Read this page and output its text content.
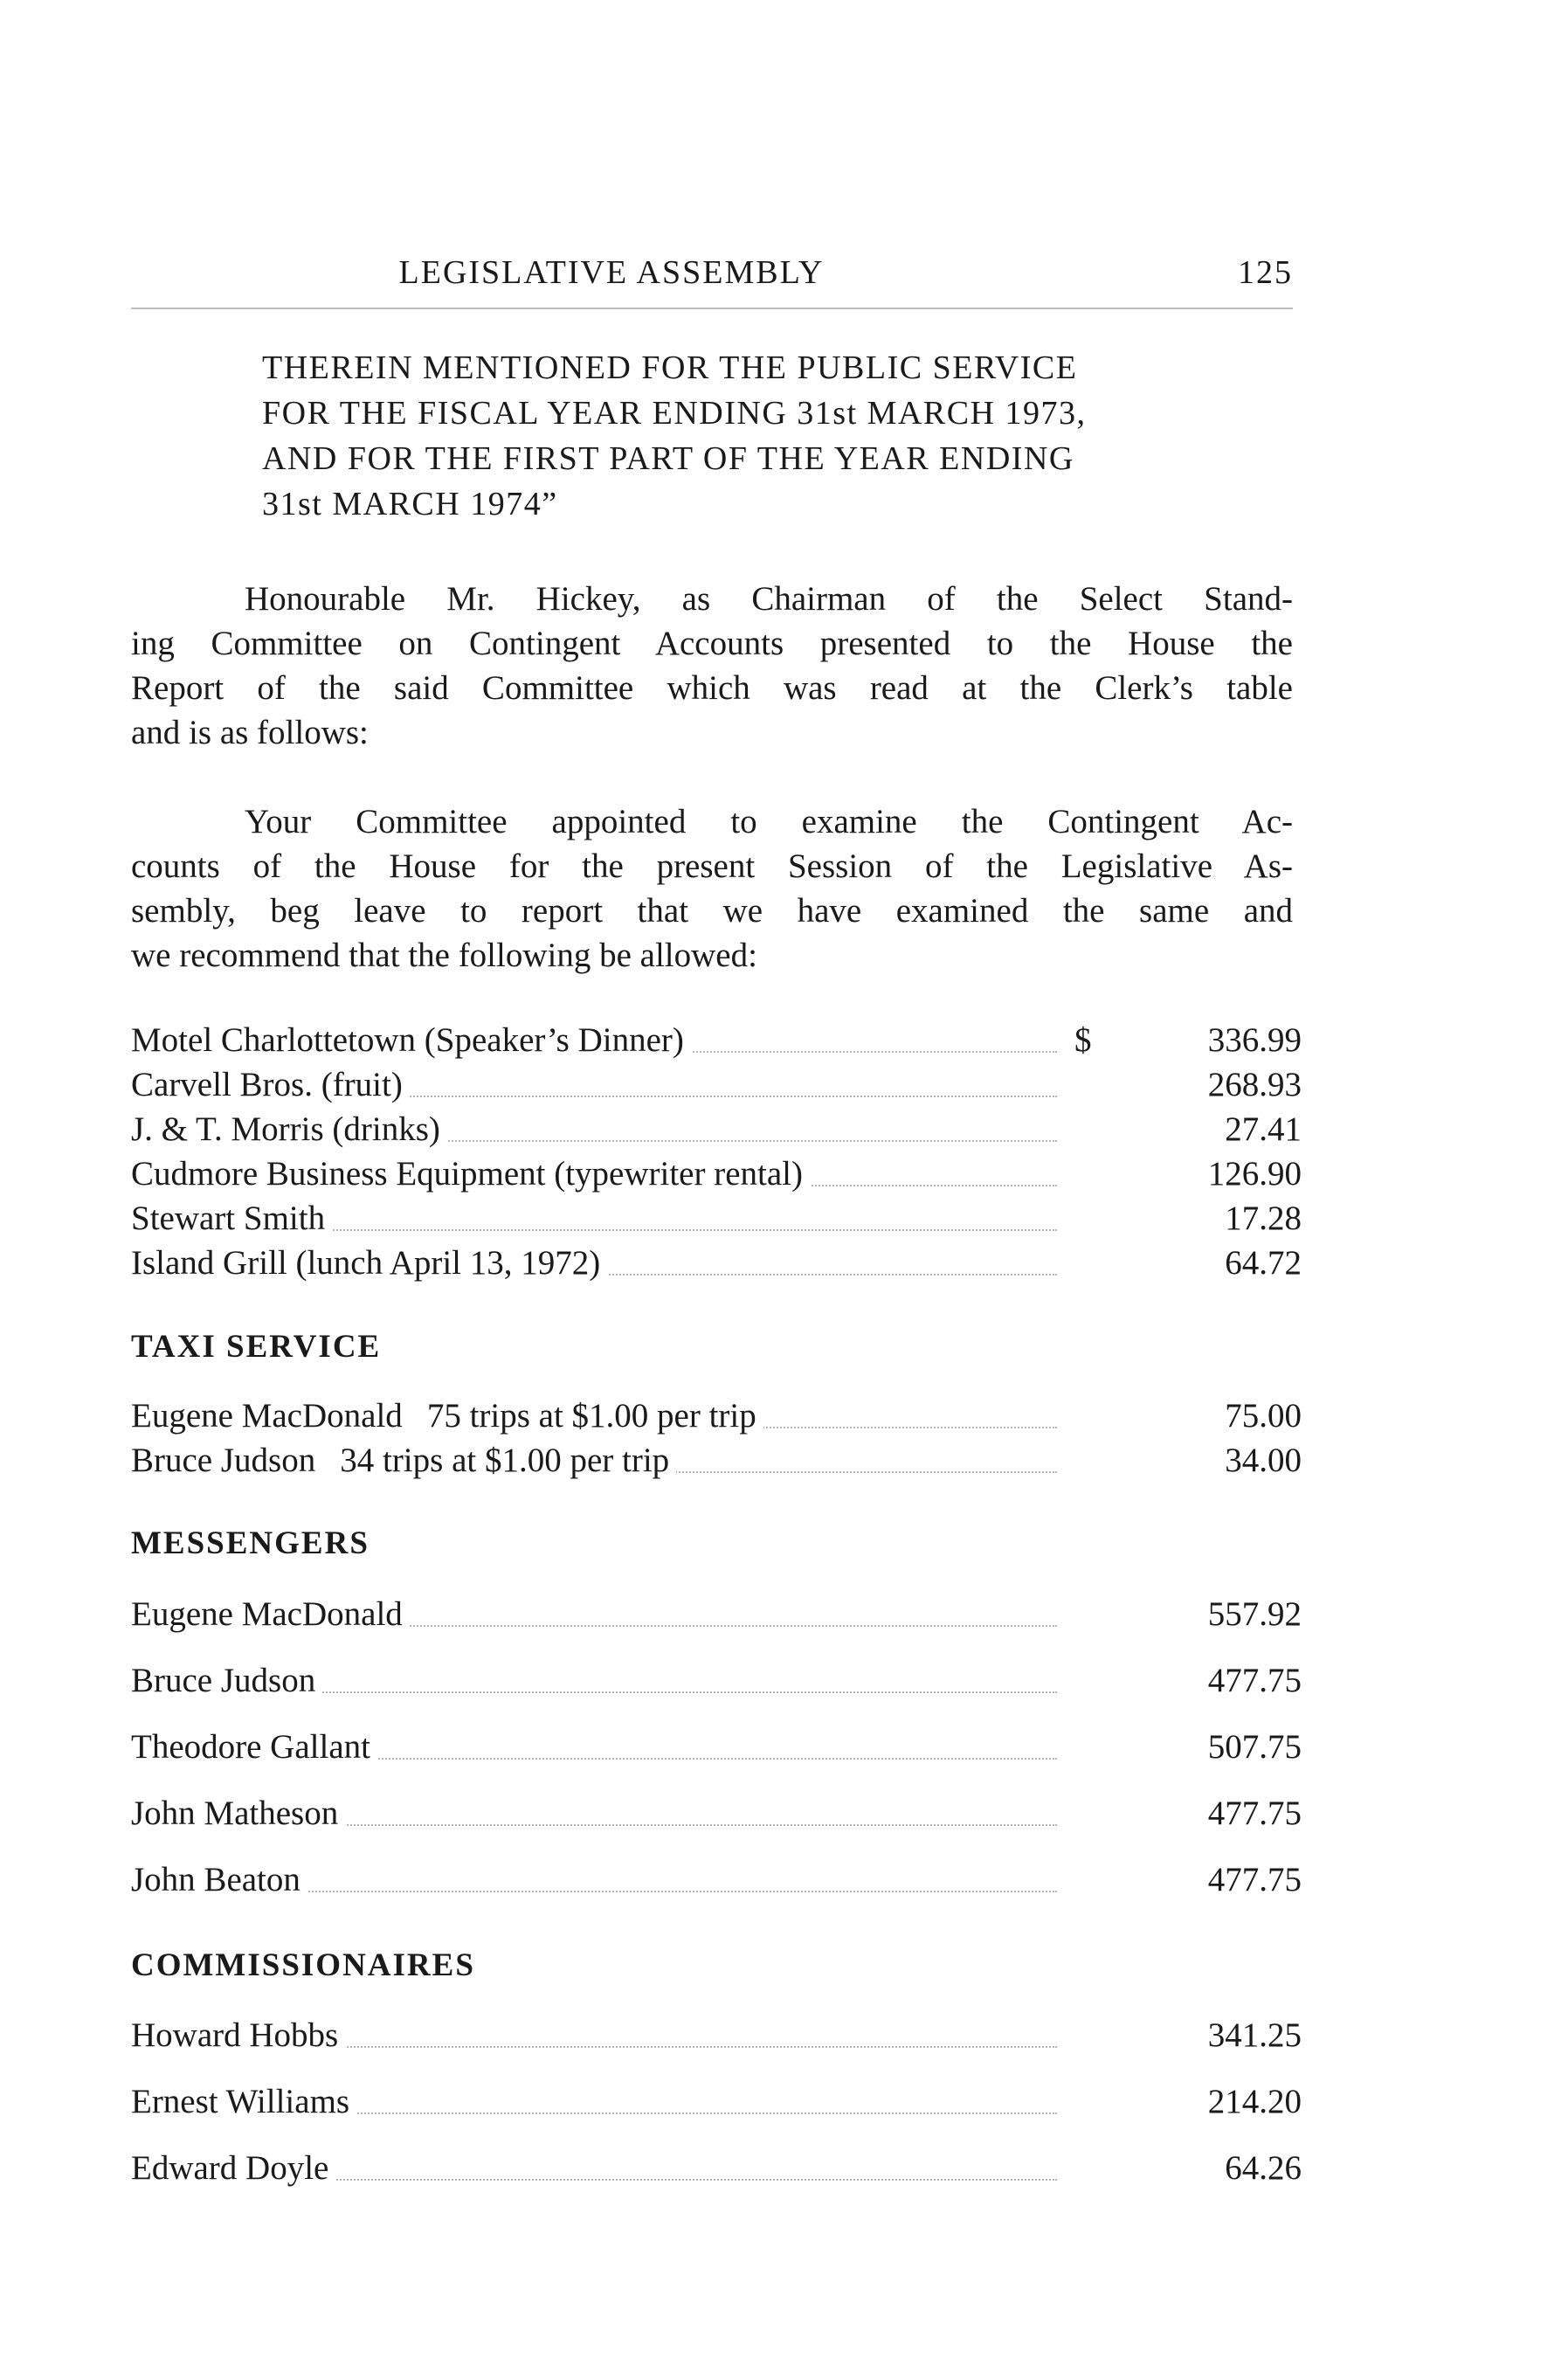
LEGISLATIVE ASSEMBLY	125
THEREIN MENTIONED FOR THE PUBLIC SERVICE
FOR THE FISCAL YEAR ENDING 31st MARCH 1973,
AND FOR THE FIRST PART OF THE YEAR ENDING
31st MARCH 1974”
Honourable Mr. Hickey, as Chairman of the Select Stand-
ing Committee on Contingent Accounts presented to the House the
Report of the said Committee which was read at the Clerk’s table
and is as follows:
Your Committee appointed to examine the Contingent Ac-
counts of the House for the present Session of the Legislative As-
sembly, beg leave to report that we have examined the same and
we recommend that the following be allowed:
Motel Charlottetown (Speaker’s Dinner)	$	336.99
Carvell Bros. (fruit)	268.93
J. & T. Morris (drinks)	27.41
Cudmore Business Equipment (typewriter rental)	126.90
Stewart Smith	17.28
Island Grill (lunch April 13, 1972)	64.72
TAXI SERVICE
Eugene MacDonald 75 trips at $1.00 per trip	75.00
Bruce Judson 34 trips at $1.00 per trip	34.00
MESSENGERS
Eugene MacDonald	557.92
Bruce Judson	477.75
Theodore Gallant	507.75
John Matheson	477.75
John Beaton	477.75
COMMISSIONAIRES
Howard Hobbs	341.25
Ernest Williams	214.20
Edward Doyle	64.26
